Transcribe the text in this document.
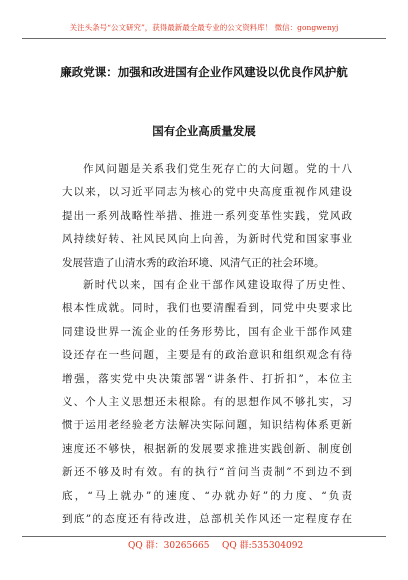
关注头条号“公文研究”，获得最新最全最专业的公文资料库！ 微信：gongwenyj
廉政党课：加强和改进国有企业作风建设以优良作风护航
国有企业高质量发展
作风问题是关系我们党生死存亡的大问题。党的十八
大以来，以习近平同志为核心的党中央高度重视作风建设
提出一系列战略性举措、推进一系列变革性实践，党风政
风持续好转、社风民风向上向善，为新时代党和国家事业
发展营造了山清水秀的政治环境、风清气正的社会环境。
新时代以来，国有企业干部作风建设取得了历史性、
根本性成就。同时，我们也要清醒看到，同党中央要求比
同建设世界一流企业的任务形势比，国有企业干部作风建
设还存在一些问题，主要是有的政治意识和组织观念有待
增强，落实党中央决策部署“讲条件、打折扣”，本位主
义、个人主义思想还未根除。有的思想作风不够扎实，习
惯于运用老经验老方法解决实际问题，知识结构体系更新
速度还不够快，根据新的发展要求推进实践创新、制度创
新还不够及时有效。有的执行“首问当责制”不到边不到
底，“马上就办”的速度、“办就办好”的力度、“负责
到底”的态度还有待改进，总部机关作风还一定程度存在
QQ 群：30265665 QQ 群:535304092
